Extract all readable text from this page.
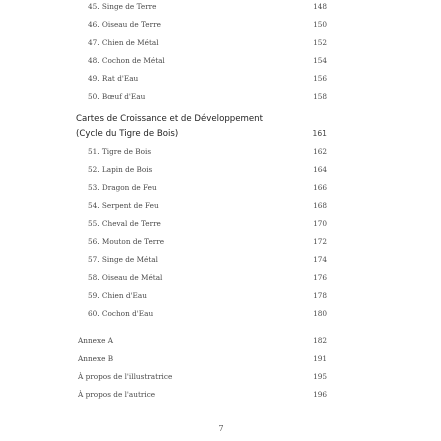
45. Singe de Terre	148
46. Oiseau de Terre	150
47. Chien de Métal	152
48. Cochon de Métal	154
49. Rat d'Eau	156
50. Bœuf d'Eau	158
Cartes de Croissance et de Développement
(Cycle du Tigre de Bois)	161
51. Tigre de Bois	162
52. Lapin de Bois	164
53. Dragon de Feu	166
54. Serpent de Feu	168
55. Cheval de Terre	170
56. Mouton de Terre	172
57. Singe de Métal	174
58. Oiseau de Métal	176
59. Chien d'Eau	178
60. Cochon d'Eau	180
Annexe A	182
Annexe B	191
À propos de l'illustratrice	195
À propos de l'autrice	196
7
